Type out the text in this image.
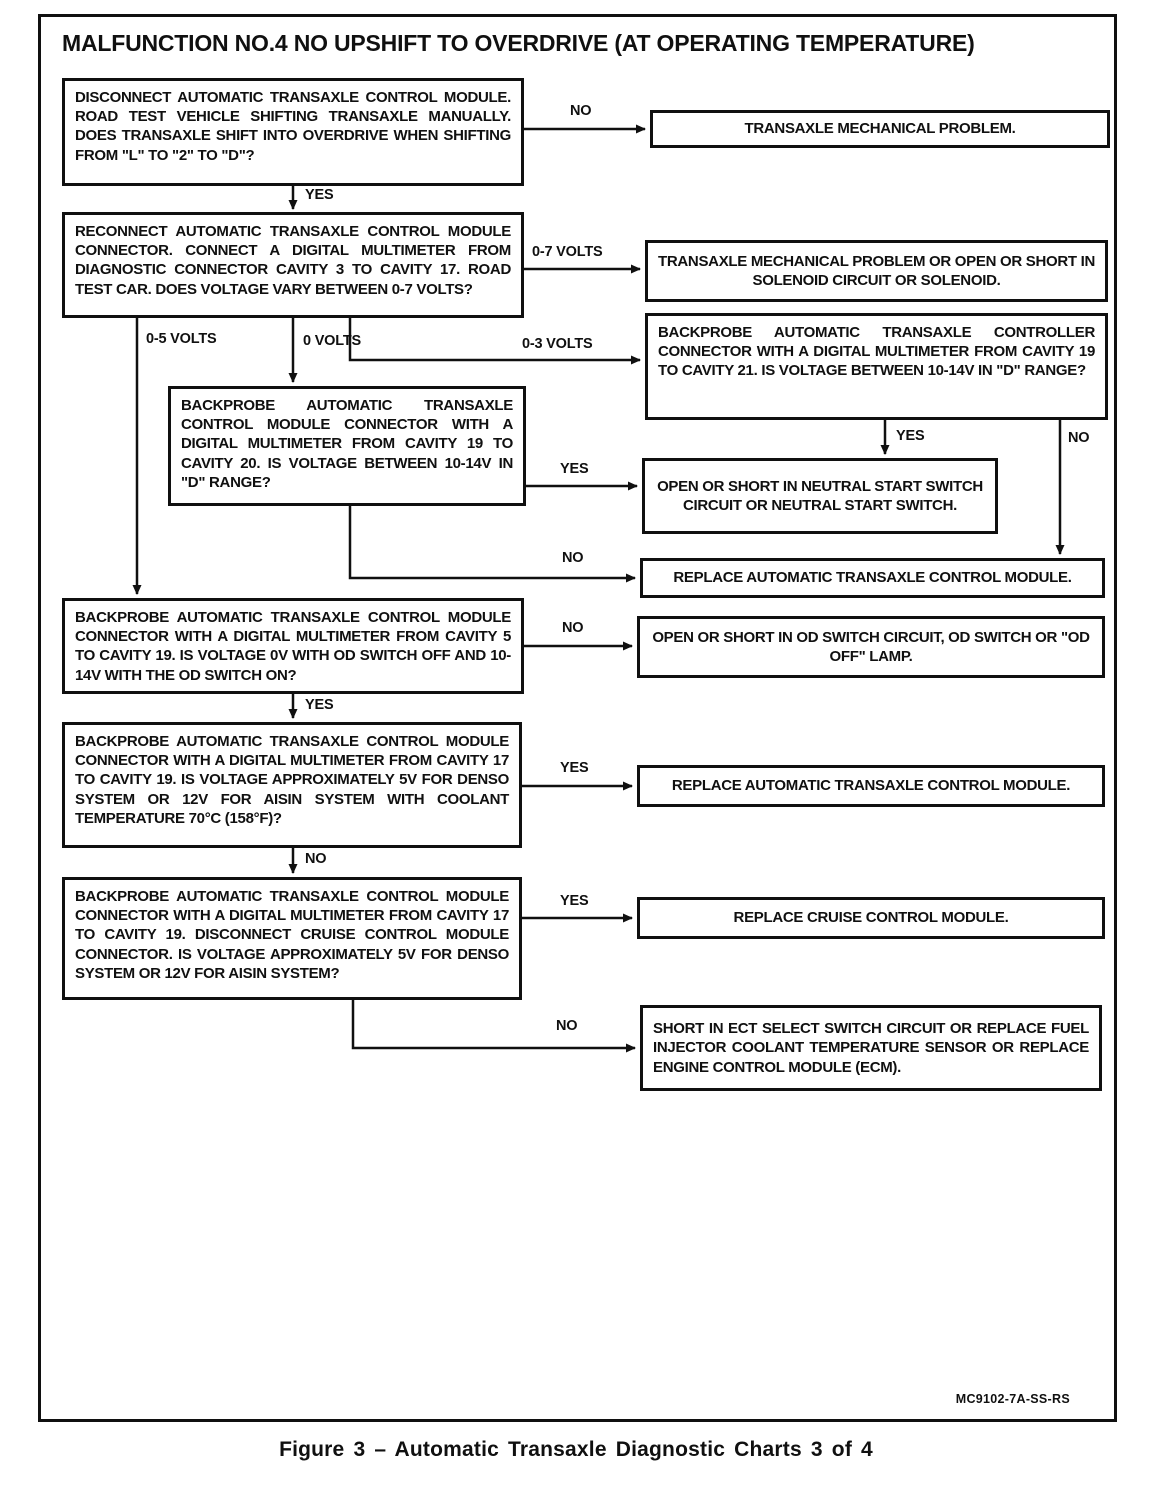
MALFUNCTION NO.4 NO UPSHIFT TO OVERDRIVE (AT OPERATING TEMPERATURE)
DISCONNECT AUTOMATIC TRANSAXLE CONTROL MODULE. ROAD TEST VEHICLE SHIFTING TRANSAXLE MANUALLY. DOES TRANSAXLE SHIFT INTO OVERDRIVE WHEN SHIFTING FROM "L" TO "2" TO "D"?
TRANSAXLE MECHANICAL PROBLEM.
RECONNECT AUTOMATIC TRANSAXLE CONTROL MODULE CONNECTOR. CONNECT A DIGITAL MULTIMETER FROM DIAGNOSTIC CONNECTOR CAVITY 3 TO CAVITY 17. ROAD TEST CAR. DOES VOLTAGE VARY BETWEEN 0-7 VOLTS?
TRANSAXLE MECHANICAL PROBLEM OR OPEN OR SHORT IN SOLENOID CIRCUIT OR SOLENOID.
BACKPROBE AUTOMATIC TRANSAXLE CONTROLLER CONNECTOR WITH A DIGITAL MULTIMETER FROM CAVITY 19 TO CAVITY 21. IS VOLTAGE BETWEEN 10-14V IN "D" RANGE?
BACKPROBE AUTOMATIC TRANSAXLE CONTROL MODULE CONNECTOR WITH A DIGITAL MULTIMETER FROM CAVITY 19 TO CAVITY 20. IS VOLTAGE BETWEEN 10-14V IN "D" RANGE?	OPEN OR SHORT IN NEUTRAL START SWITCH CIRCUIT OR NEUTRAL START SWITCH.
REPLACE AUTOMATIC TRANSAXLE CONTROL MODULE.
BACKPROBE AUTOMATIC TRANSAXLE CONTROL MODULE CONNECTOR WITH A DIGITAL MULTIMETER FROM CAVITY 5 TO CAVITY 19. IS VOLTAGE 0V WITH OD SWITCH OFF AND 10-14V WITH THE OD SWITCH ON?
OPEN OR SHORT IN OD SWITCH CIRCUIT, OD SWITCH OR "OD OFF" LAMP.
BACKPROBE AUTOMATIC TRANSAXLE CONTROL MODULE CONNECTOR WITH A DIGITAL MULTIMETER FROM CAVITY 17 TO CAVITY 19. IS VOLTAGE APPROXIMATELY 5V FOR DENSO SYSTEM OR 12V FOR AISIN SYSTEM WITH COOLANT TEMPERATURE 70°C (158°F)?
REPLACE AUTOMATIC TRANSAXLE CONTROL MODULE.
BACKPROBE AUTOMATIC TRANSAXLE CONTROL MODULE CONNECTOR WITH A DIGITAL MULTIMETER FROM CAVITY 17 TO CAVITY 19. DISCONNECT CRUISE CONTROL MODULE CONNECTOR. IS VOLTAGE APPROXIMATELY 5V FOR DENSO SYSTEM OR 12V FOR AISIN SYSTEM?
REPLACE CRUISE CONTROL MODULE.
SHORT IN ECT SELECT SWITCH CIRCUIT OR REPLACE FUEL INJECTOR COOLANT TEMPERATURE SENSOR OR REPLACE ENGINE CONTROL MODULE (ECM).
NO
YES
0-7 VOLTS
0-5 VOLTS	0 VOLTS	0-3 VOLTS
YES	NO
YES
NO
NO
YES
YES
NO
YES
NO
MC9102-7A-SS-RS
Figure 3 – Automatic Transaxle Diagnostic Charts 3 of 4
